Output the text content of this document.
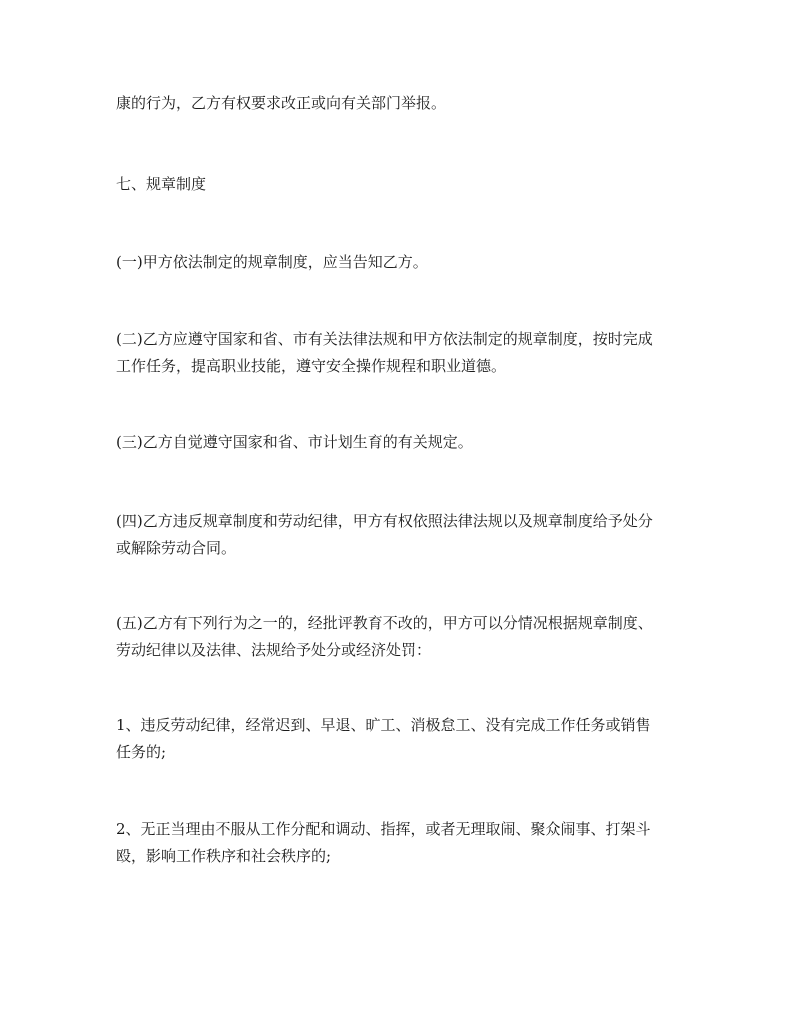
康的行为，乙方有权要求改正或向有关部门举报。
七、规章制度
(一)甲方依法制定的规章制度，应当告知乙方。
(二)乙方应遵守国家和省、市有关法律法规和甲方依法制定的规章制度，按时完成
工作任务，提高职业技能，遵守安全操作规程和职业道德。
(三)乙方自觉遵守国家和省、市计划生育的有关规定。
(四)乙方违反规章制度和劳动纪律，甲方有权依照法律法规以及规章制度给予处分
或解除劳动合同。
(五)乙方有下列行为之一的，经批评教育不改的，甲方可以分情况根据规章制度、
劳动纪律以及法律、法规给予处分或经济处罚：
1、违反劳动纪律，经常迟到、早退、旷工、消极怠工、没有完成工作任务或销售
任务的;
2、无正当理由不服从工作分配和调动、指挥，或者无理取闹、聚众闹事、打架斗
殴，影响工作秩序和社会秩序的;
